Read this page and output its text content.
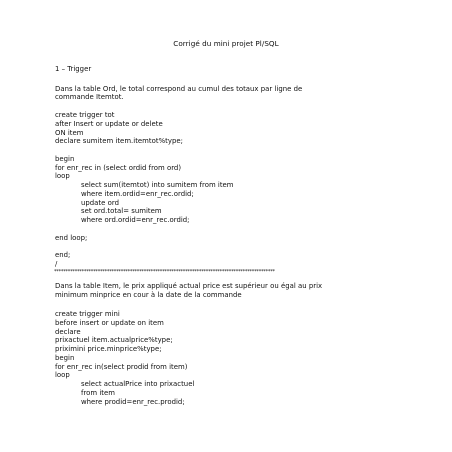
Corrigé du mini projet Pl/SQL
1 – Trigger
Dans la table Ord, le total correspond au cumul des totaux par ligne de
commande Itemtot.
create trigger tot
after Insert or update or delete
ON item
declare sumitem item.itemtot%type;
begin
for enr_rec in (select ordid from ord)
loop
select sum(itemtot) into sumitem from item
where item.ordid=enr_rec.ordid;
update ord
set ord.total= sumitem
where ord.ordid=enr_rec.ordid;
end loop;
end;
/
************************************************************************************************
Dans la table Item, le prix appliqué actual price est supérieur ou égal au prix
minimum minprice en cour à la date de la commande
create trigger mini
before insert or update on item
declare
prixactuel item.actualprice%type;
priximini price.minprice%type;
begin
for enr_rec in(select prodid from item)
loop
select actualPrice into prixactuel
from item
where prodid=enr_rec.prodid;
